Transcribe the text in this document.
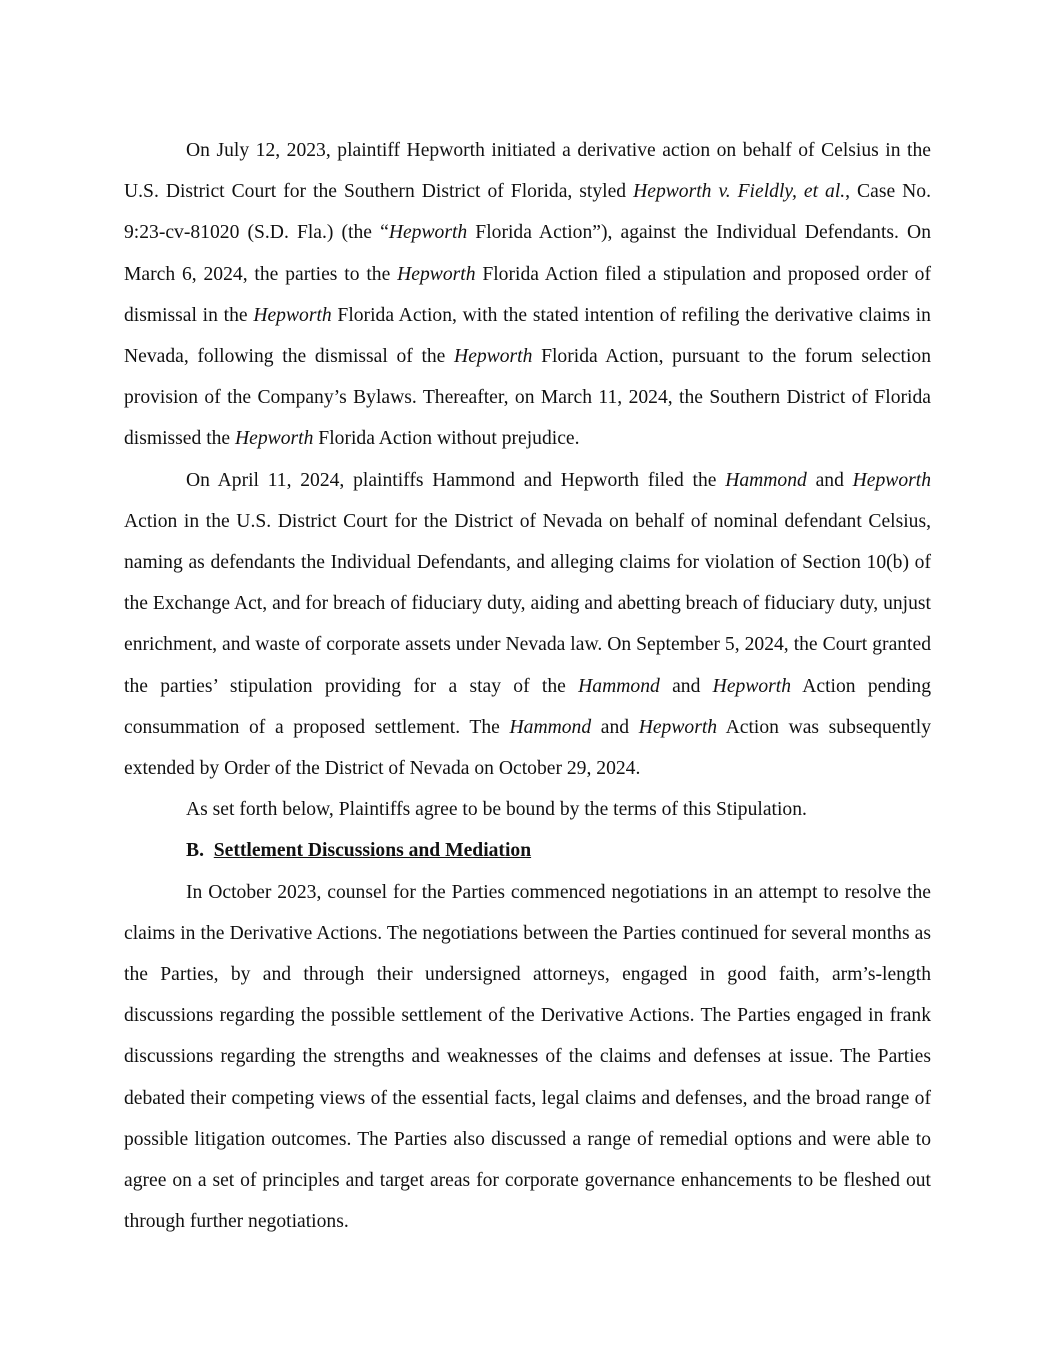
On July 12, 2023, plaintiff Hepworth initiated a derivative action on behalf of Celsius in the U.S. District Court for the Southern District of Florida, styled Hepworth v. Fieldly, et al., Case No. 9:23-cv-81020 (S.D. Fla.) (the “Hepworth Florida Action”), against the Individual Defendants. On March 6, 2024, the parties to the Hepworth Florida Action filed a stipulation and proposed order of dismissal in the Hepworth Florida Action, with the stated intention of refiling the derivative claims in Nevada, following the dismissal of the Hepworth Florida Action, pursuant to the forum selection provision of the Company’s Bylaws. Thereafter, on March 11, 2024, the Southern District of Florida dismissed the Hepworth Florida Action without prejudice.

On April 11, 2024, plaintiffs Hammond and Hepworth filed the Hammond and Hepworth Action in the U.S. District Court for the District of Nevada on behalf of nominal defendant Celsius, naming as defendants the Individual Defendants, and alleging claims for violation of Section 10(b) of the Exchange Act, and for breach of fiduciary duty, aiding and abetting breach of fiduciary duty, unjust enrichment, and waste of corporate assets under Nevada law. On September 5, 2024, the Court granted the parties’ stipulation providing for a stay of the Hammond and Hepworth Action pending consummation of a proposed settlement. The Hammond and Hepworth Action was subsequently extended by Order of the District of Nevada on October 29, 2024.

As set forth below, Plaintiffs agree to be bound by the terms of this Stipulation.

B. Settlement Discussions and Mediation

In October 2023, counsel for the Parties commenced negotiations in an attempt to resolve the claims in the Derivative Actions. The negotiations between the Parties continued for several months as the Parties, by and through their undersigned attorneys, engaged in good faith, arm’s-length discussions regarding the possible settlement of the Derivative Actions. The Parties engaged in frank discussions regarding the strengths and weaknesses of the claims and defenses at issue. The Parties debated their competing views of the essential facts, legal claims and defenses, and the broad range of possible litigation outcomes. The Parties also discussed a range of remedial options and were able to agree on a set of principles and target areas for corporate governance enhancements to be fleshed out through further negotiations.
